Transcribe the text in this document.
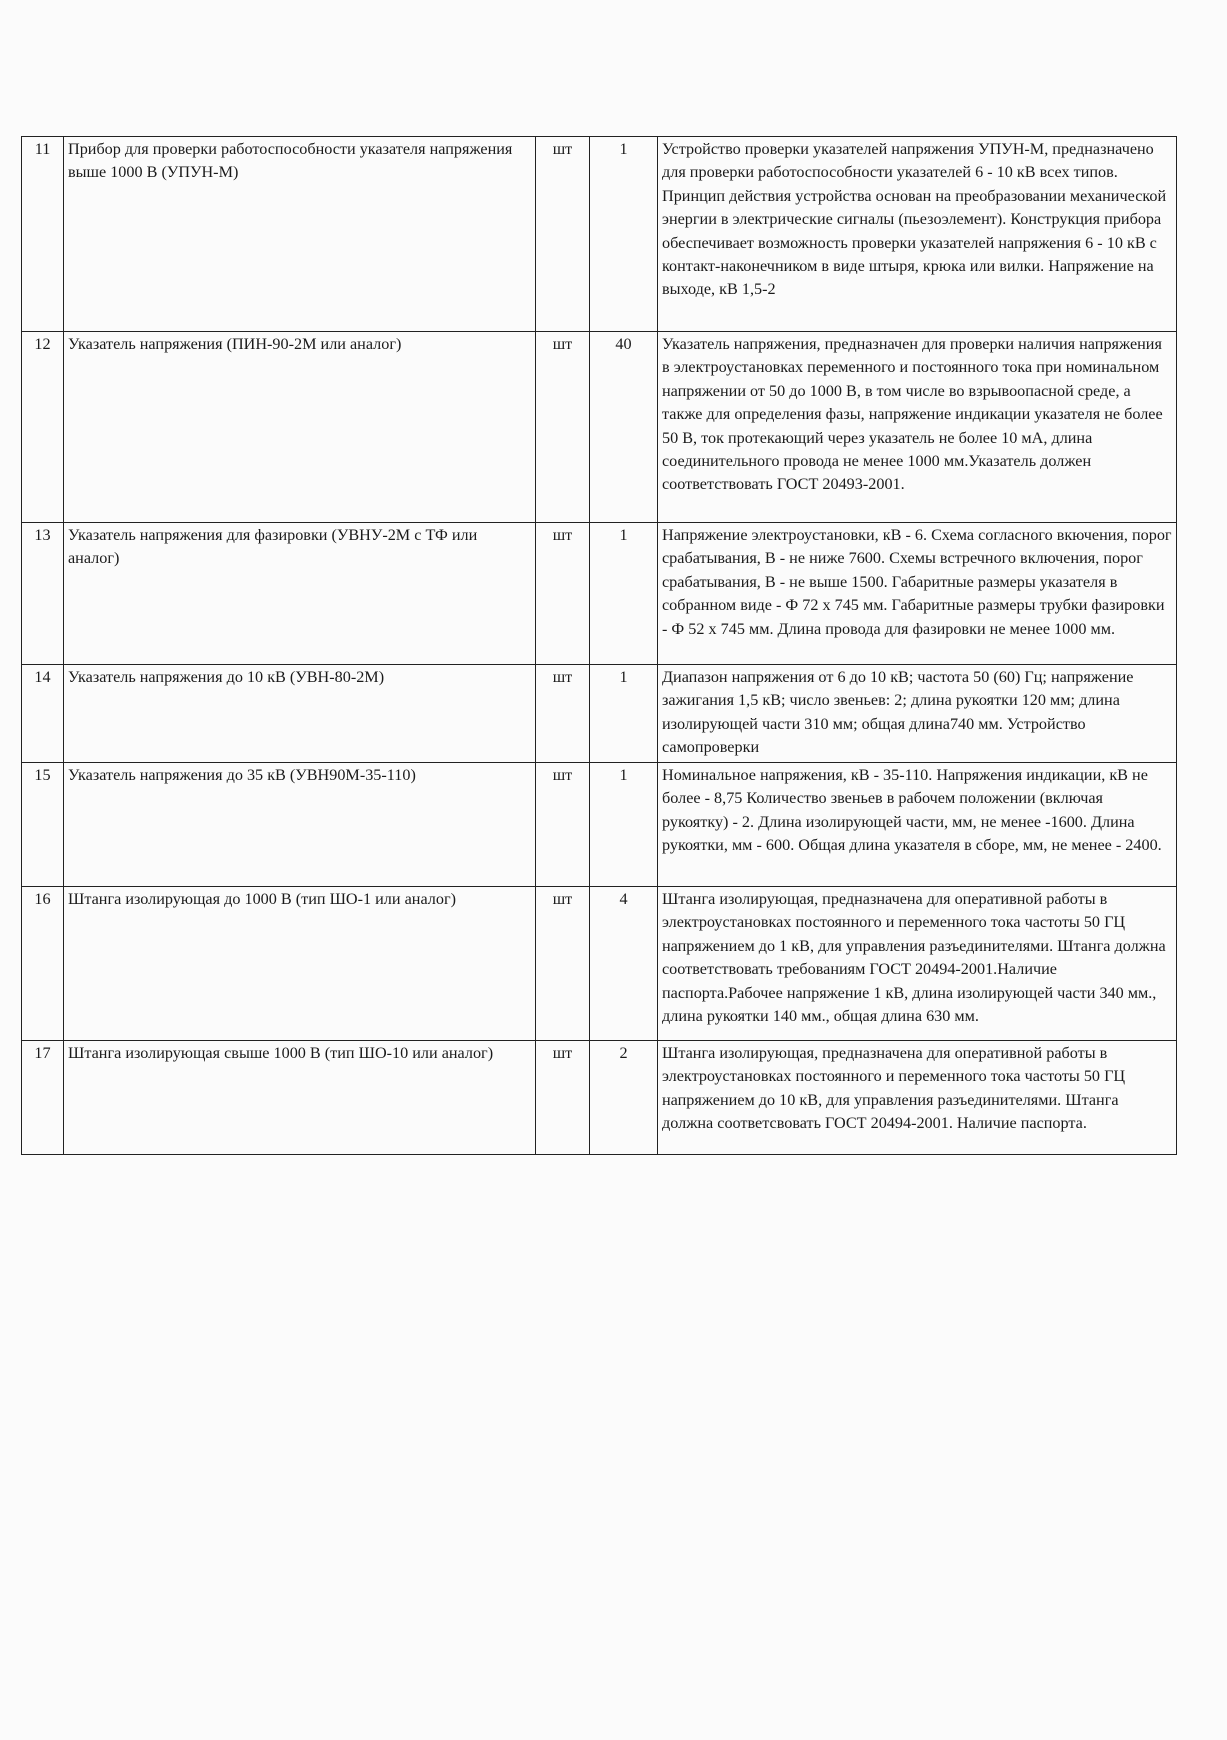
11	Прибор для проверки работоспособности указателя напряжения выше 1000 В (УПУН-М)	шт	1	Устройство проверки указателей напряжения УПУН-М, предназначено для проверки работоспособности указателей 6 - 10 кВ всех типов. Принцип действия устройства основан на преобразовании механической энергии в электрические сигналы (пьезоэлемент). Конструкция прибора обеспечивает возможность проверки указателей напряжения 6 - 10 кВ с контакт-наконечником в виде штыря, крюка или вилки. Напряжение на выходе, кВ 1,5-2
12	Указатель напряжения (ПИН-90-2М или аналог)	шт	40	Указатель напряжения, предназначен для проверки наличия напряжения в электроустановках переменного и постоянного тока при номинальном напряжении от 50 до 1000 В, в том числе во взрывоопасной среде, а также для определения фазы, напряжение индикации указателя не более 50 В, ток протекающий через указатель не более 10 мА, длина соединительного провода не менее 1000 мм.Указатель должен соответствовать ГОСТ 20493-2001.
13	Указатель напряжения для фазировки (УВНУ-2М с ТФ или аналог)	шт	1	Напряжение электроустановки, кВ - 6. Схема согласного вкючения, порог срабатывания, В - не ниже 7600. Схемы встречного включения, порог срабатывания, В - не выше 1500. Габаритные размеры указателя в собранном виде - Ф 72 х 745 мм. Габаритные размеры трубки фазировки - Ф 52 х 745 мм. Длина провода для фазировки не менее 1000 мм.
14	Указатель напряжения до 10 кВ (УВН-80-2М)	шт	1	Диапазон напряжения от 6 до 10 кВ; частота 50 (60) Гц; напряжение зажигания 1,5 кВ; число звеньев: 2; длина рукоятки 120 мм; длина изолирующей части 310 мм; общая длина740 мм. Устройство самопроверки
15	Указатель напряжения до 35 кВ (УВН90М-35-110)	шт	1	Номинальное напряжения, кВ - 35-110. Напряжения индикации, кВ не более - 8,75 Количество звеньев в рабочем положении (включая рукоятку) - 2. Длина изолирующей части, мм, не менее -1600. Длина рукоятки, мм - 600. Общая длина указателя в сборе, мм, не менее - 2400.
16	Штанга изолирующая до 1000 В (тип ШО-1 или аналог)	шт	4	Штанга изолирующая, предназначена для оперативной работы в электроустановках постоянного и переменного тока частоты 50 ГЦ напряжением до 1 кВ, для управления разъединителями. Штанга должна соответствовать требованиям ГОСТ 20494-2001.Наличие паспорта.Рабочее напряжение 1 кВ, длина изолирующей части 340 мм., длина рукоятки 140 мм., общая длина 630 мм.
17	Штанга изолирующая свыше 1000 В (тип ШО-10 или аналог)	шт	2	Штанга изолирующая, предназначена для оперативной работы в электроустановках постоянного и переменного тока частоты 50 ГЦ напряжением до 10 кВ, для управления разъединителями. Штанга должна соответсвовать ГОСТ 20494-2001. Наличие паспорта.
